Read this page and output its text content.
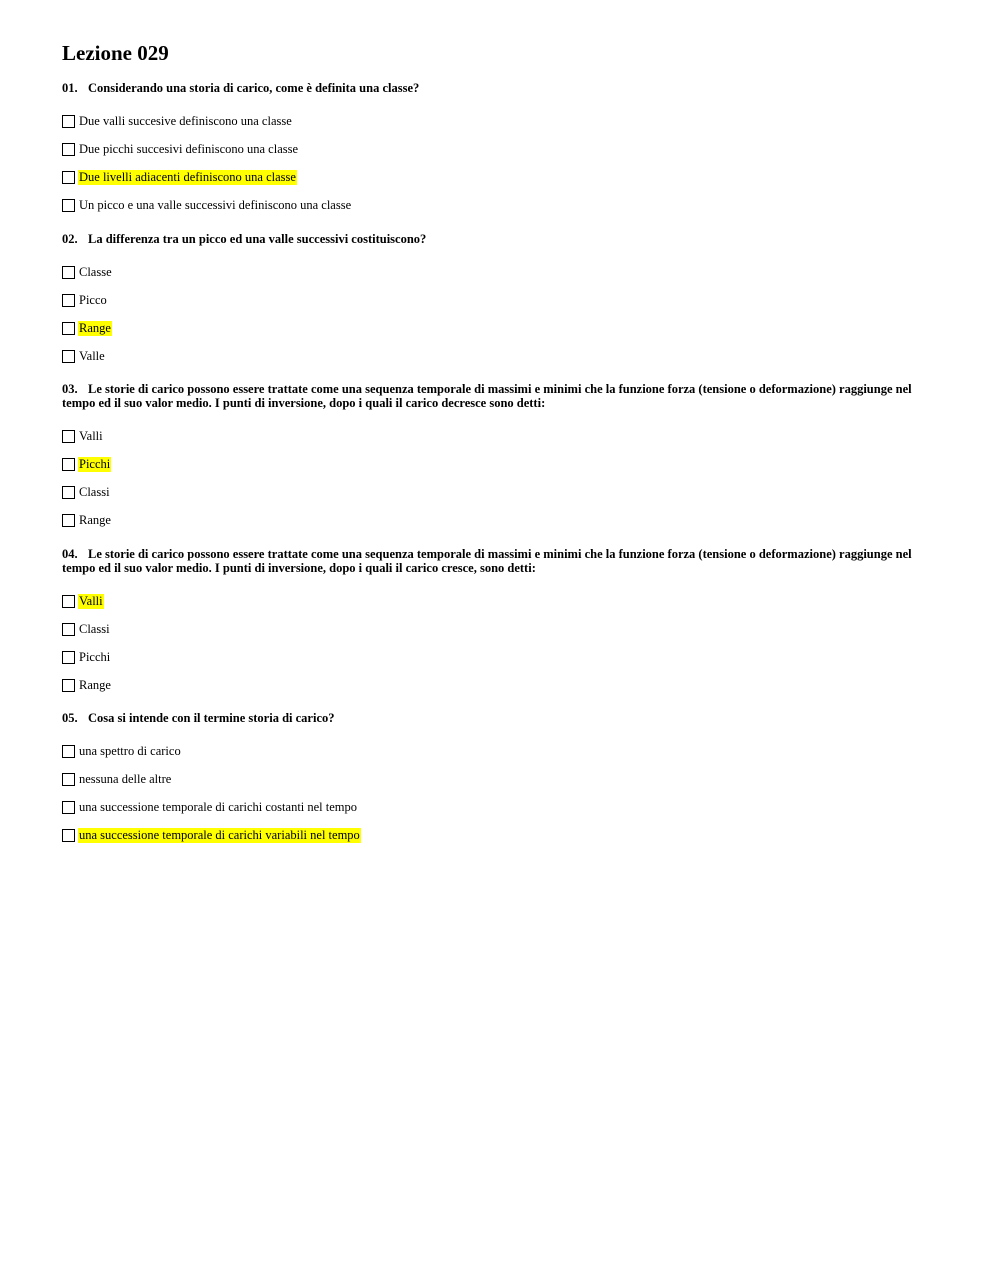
Lezione 029

01. Considerando una storia di carico, come è definita una classe?

Due valli succesive definiscono una classe
Due picchi succesivi definiscono una classe
Due livelli adiacenti definiscono una classe
Un picco e una valle successivi definiscono una classe

02. La differenza tra un picco ed una valle successivi costituiscono?

Classe
Picco
Range
Valle

03. Le storie di carico possono essere trattate come una sequenza temporale di massimi e minimi che la funzione forza (tensione o deformazione) raggiunge nel tempo ed il suo valor medio. I punti di inversione, dopo i quali il carico decresce sono detti:

Valli
Picchi
Classi
Range

04. Le storie di carico possono essere trattate come una sequenza temporale di massimi e minimi che la funzione forza (tensione o deformazione) raggiunge nel tempo ed il suo valor medio. I punti di inversione, dopo i quali il carico cresce, sono detti:

Valli
Classi
Picchi
Range

05. Cosa si intende con il termine storia di carico?

una spettro di carico
nessuna delle altre
una successione temporale di carichi costanti nel tempo
una successione temporale di carichi variabili nel tempo
